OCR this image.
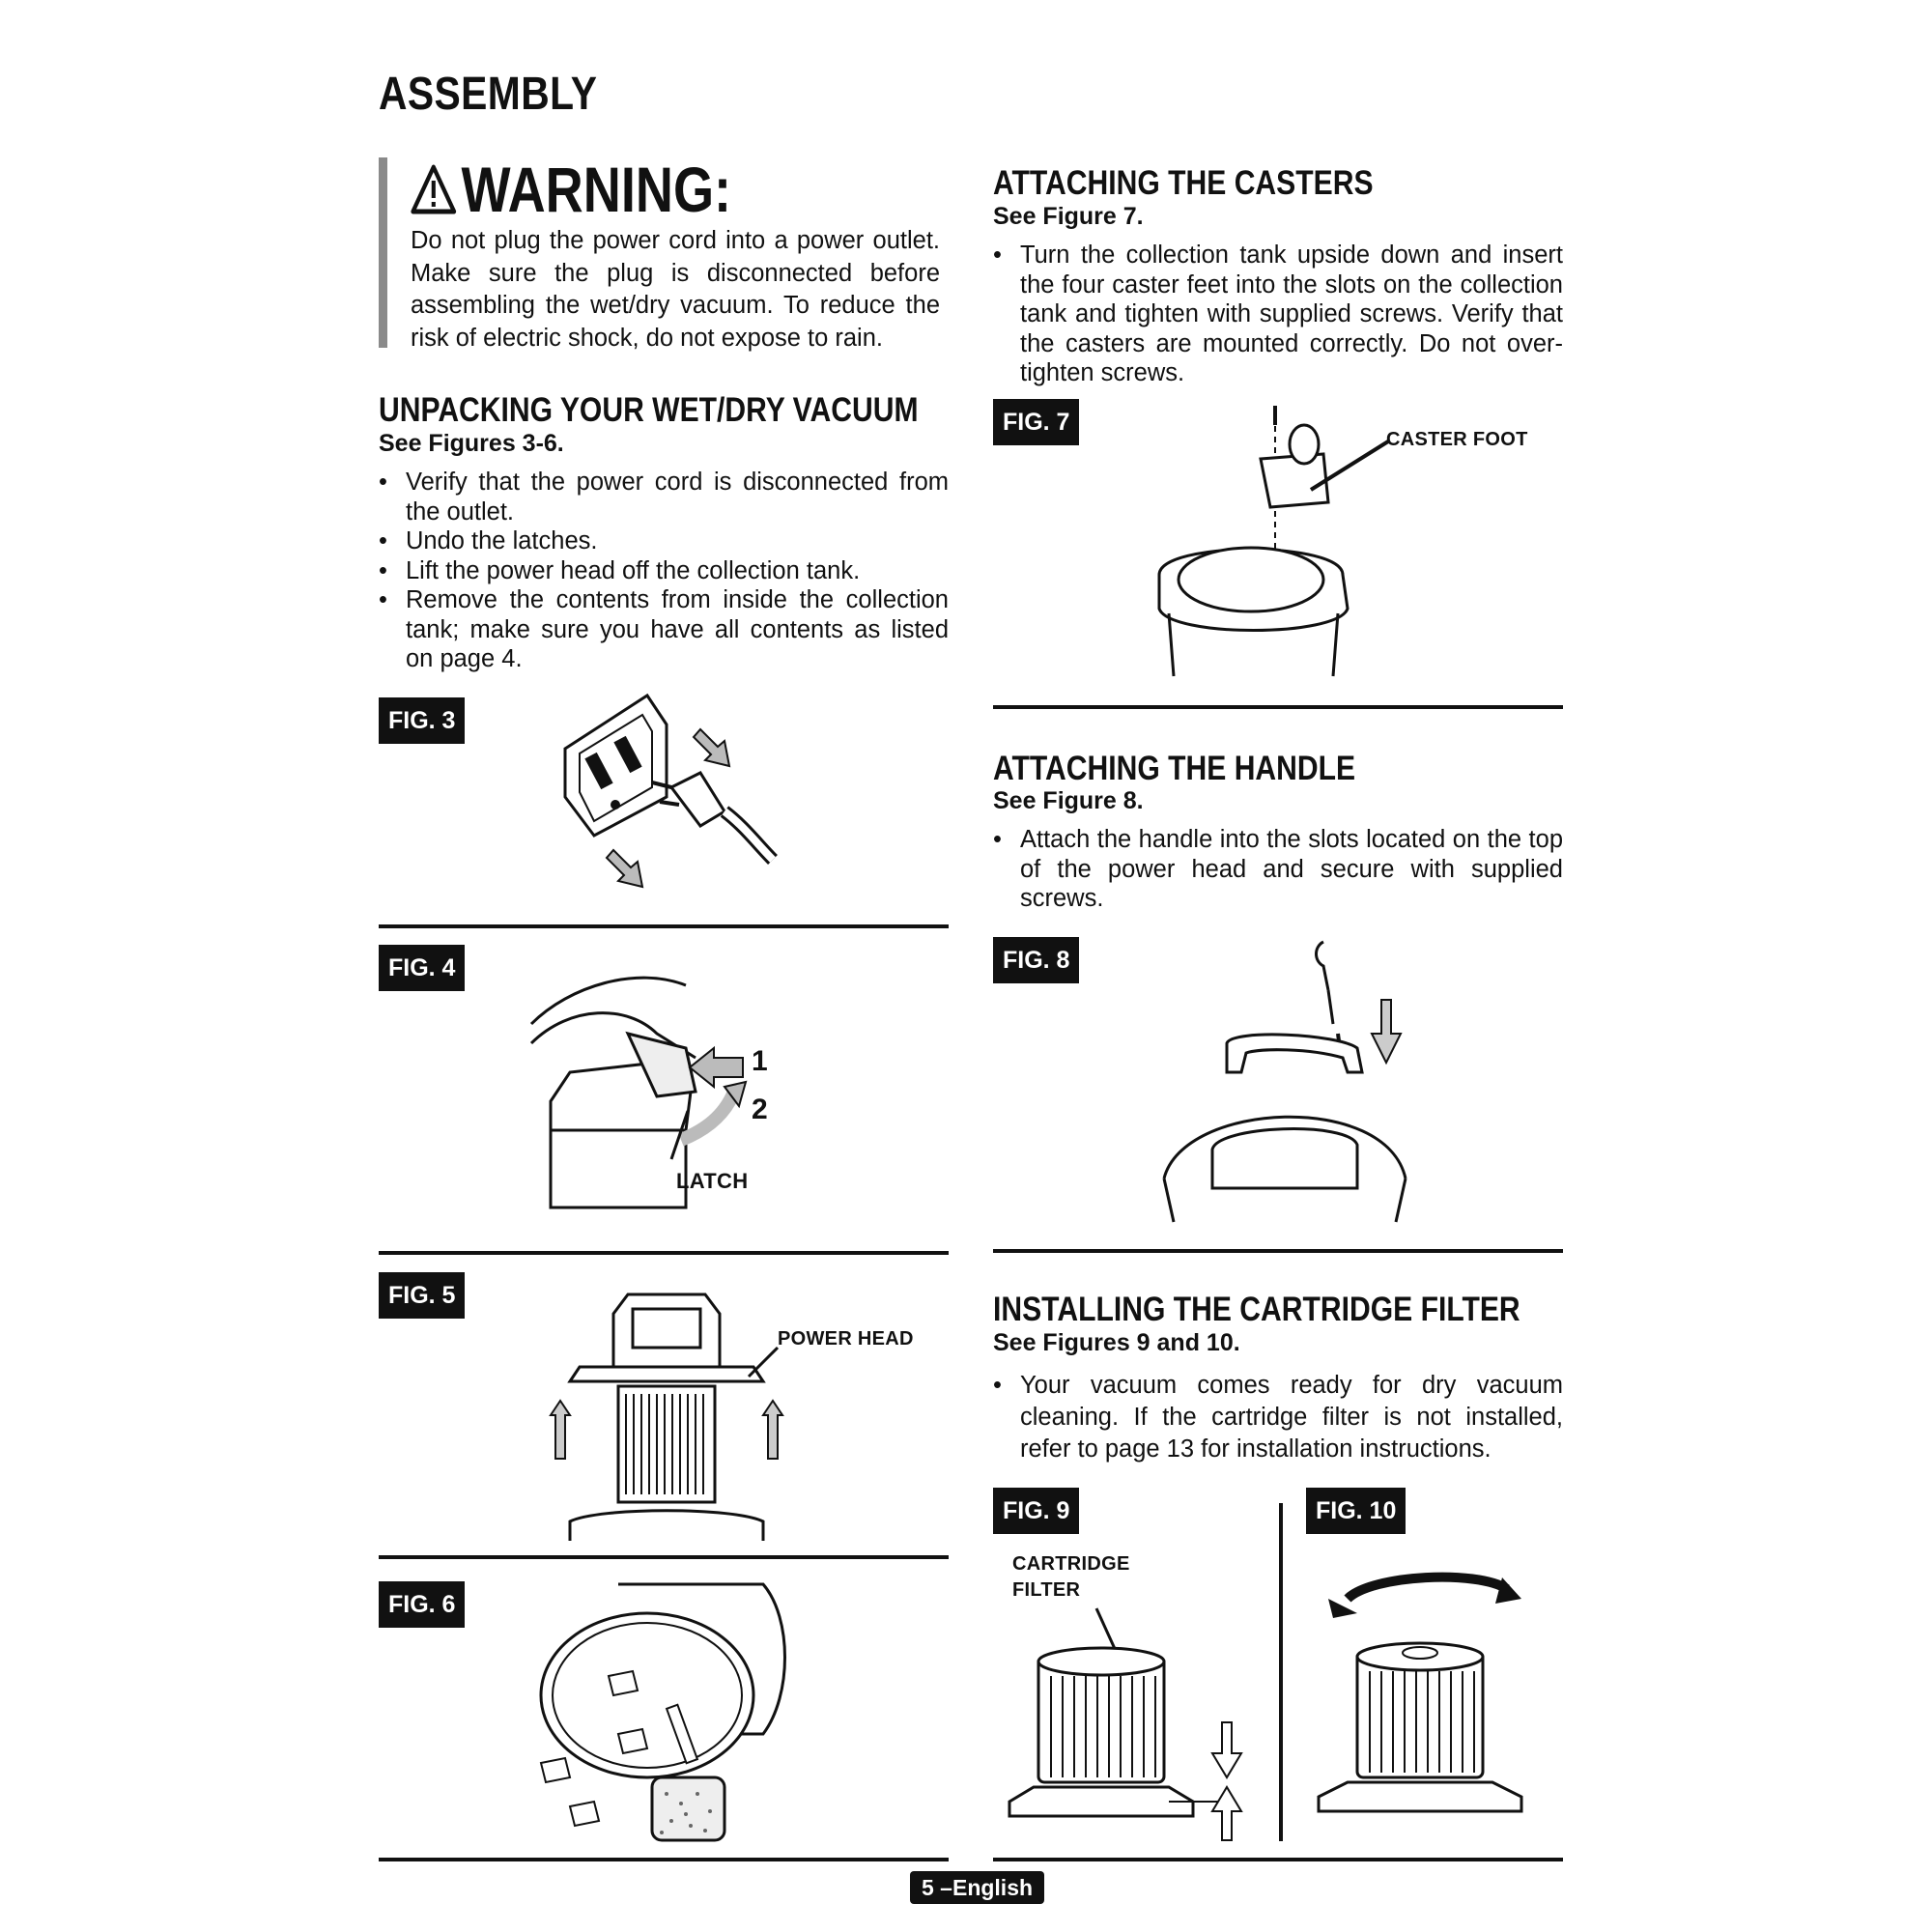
ASSEMBLY
WARNING:
Do not plug the power cord into a power outlet. Make sure the plug is disconnected before assembling the wet/dry vacuum. To reduce the risk of electric shock, do not expose to rain.
UNPACKING YOUR WET/DRY VACUUM
See Figures 3-6.
• Verify that the power cord is disconnected from the outlet.
• Undo the latches.
• Lift the power head off the collection tank.
• Remove the contents from inside the collection tank; make sure you have all contents as listed on page 4.
FIG. 3
FIG. 4
1
2
LATCH
FIG. 5
POWER HEAD
FIG. 6
ATTACHING THE CASTERS
See Figure 7.
• Turn the collection tank upside down and insert the four caster feet into the slots on the collection tank and tighten with supplied screws. Verify that the casters are mounted correctly. Do not over-tighten screws.
FIG. 7
CASTER FOOT
ATTACHING THE HANDLE
See Figure 8.
• Attach the handle into the slots located on the top of the power head and secure with supplied screws.
FIG. 8
INSTALLING THE CARTRIDGE FILTER
See Figures 9 and 10.
• Your vacuum comes ready for dry vacuum cleaning. If the cartridge filter is not installed, refer to page 13 for installation instructions.
FIG. 9
CARTRIDGE
FILTER
FIG. 10
5 –English
